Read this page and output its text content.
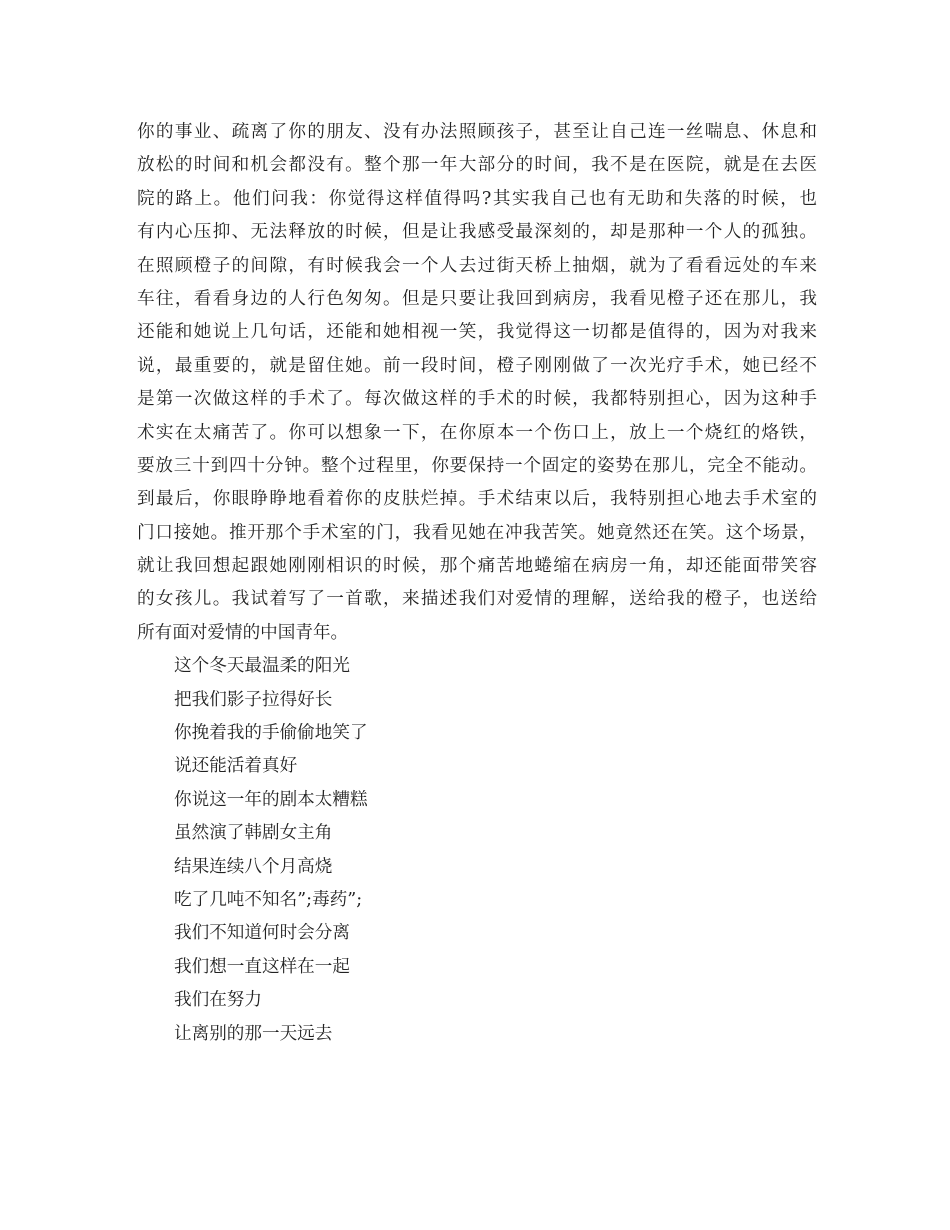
你的事业、疏离了你的朋友、没有办法照顾孩子，甚至让自己连一丝喘息、休息和

放松的时间和机会都没有。整个那一年大部分的时间，我不是在医院，就是在去医

院的路上。他们问我：你觉得这样值得吗?其实我自己也有无助和失落的时候，也

有内心压抑、无法释放的时候，但是让我感受最深刻的，却是那种一个人的孤独。

在照顾橙子的间隙，有时候我会一个人去过街天桥上抽烟，就为了看看远处的车来

车往，看看身边的人行色匆匆。但是只要让我回到病房，我看见橙子还在那儿，我

还能和她说上几句话，还能和她相视一笑，我觉得这一切都是值得的，因为对我来

说，最重要的，就是留住她。前一段时间，橙子刚刚做了一次光疗手术，她已经不

是第一次做这样的手术了。每次做这样的手术的时候，我都特别担心，因为这种手

术实在太痛苦了。你可以想象一下，在你原本一个伤口上，放上一个烧红的烙铁，

要放三十到四十分钟。整个过程里，你要保持一个固定的姿势在那儿，完全不能动。

到最后，你眼睁睁地看着你的皮肤烂掉。手术结束以后，我特别担心地去手术室的

门口接她。推开那个手术室的门，我看见她在冲我苦笑。她竟然还在笑。这个场景，

就让我回想起跟她刚刚相识的时候，那个痛苦地蜷缩在病房一角，却还能面带笑容

的女孩儿。我试着写了一首歌，来描述我们对爱情的理解，送给我的橙子，也送给

所有面对爱情的中国青年。

这个冬天最温柔的阳光

把我们影子拉得好长

你挽着我的手偷偷地笑了

说还能活着真好

你说这一年的剧本太糟糕

虽然演了韩剧女主角

结果连续八个月高烧

吃了几吨不知名”;毒药”;

我们不知道何时会分离

我们想一直这样在一起

我们在努力

让离别的那一天远去
